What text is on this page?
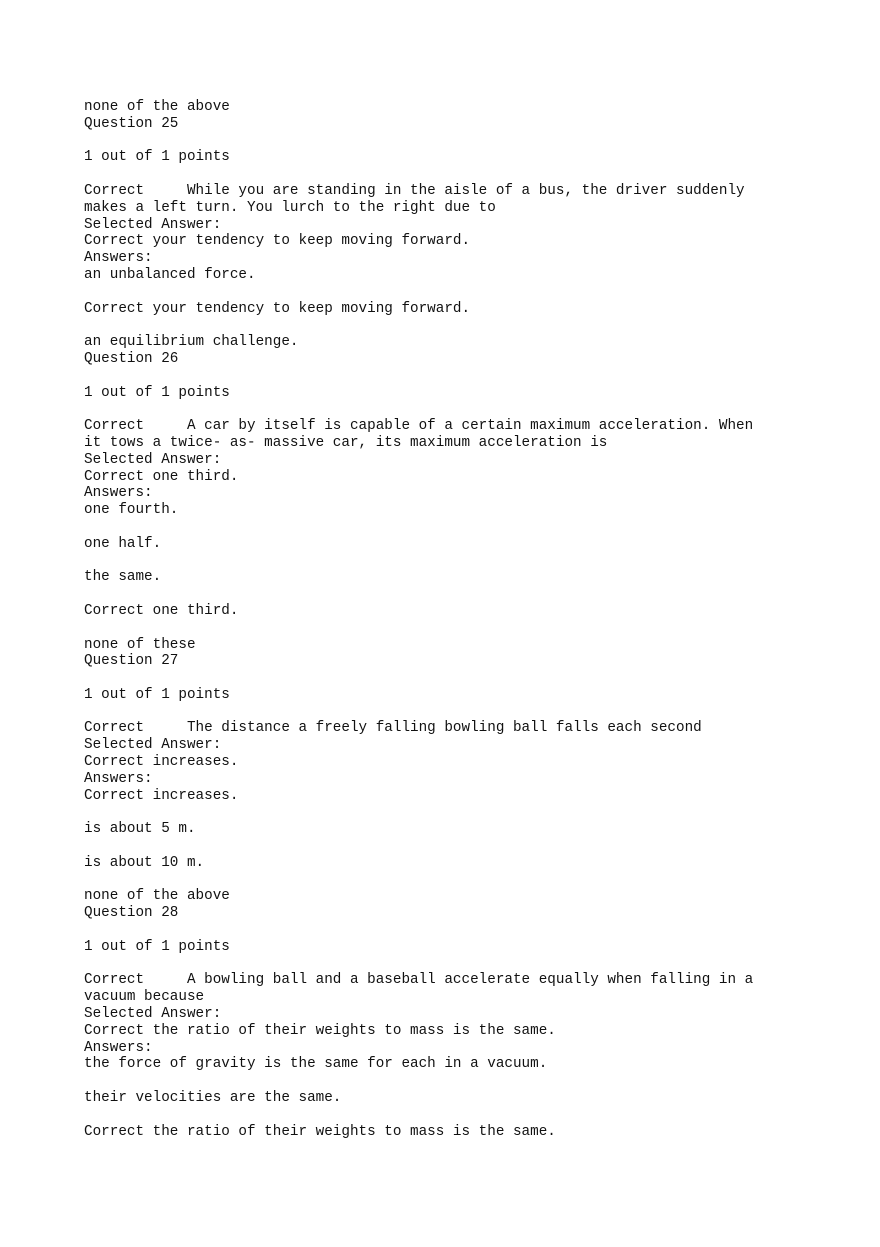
none of the above
Question 25
1 out of 1 points
Correct     While you are standing in the aisle of a bus, the driver suddenly
makes a left turn. You lurch to the right due to
Selected Answer:
Correct your tendency to keep moving forward.
Answers:
an unbalanced force.
Correct your tendency to keep moving forward.
an equilibrium challenge.
Question 26
1 out of 1 points
Correct     A car by itself is capable of a certain maximum acceleration. When
it tows a twice- as- massive car, its maximum acceleration is
Selected Answer:
Correct one third.
Answers:
one fourth.
one half.
the same.
Correct one third.
none of these
Question 27
1 out of 1 points
Correct     The distance a freely falling bowling ball falls each second
Selected Answer:
Correct increases.
Answers:
Correct increases.
is about 5 m.
is about 10 m.
none of the above
Question 28
1 out of 1 points
Correct     A bowling ball and a baseball accelerate equally when falling in a
vacuum because
Selected Answer:
Correct the ratio of their weights to mass is the same.
Answers:
the force of gravity is the same for each in a vacuum.
their velocities are the same.
Correct the ratio of their weights to mass is the same.
